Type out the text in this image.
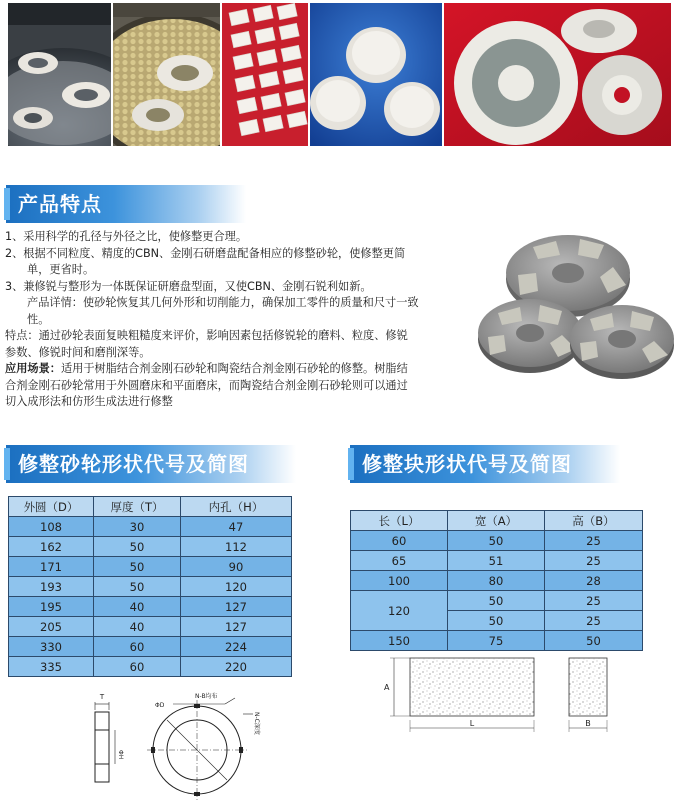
产品特点
1、采用科学的孔径与外径之比，使修整更合理。
2、根据不同粒度、精度的CBN、金刚石研磨盘配备相应的修整砂轮，使修整更简
单，更省时。
3、兼修锐与整形为一体既保证研磨盘型面，又使CBN、金刚石锐利如新。
产品详情：使砂轮恢复其几何外形和切削能力，确保加工零件的质量和尺寸一致
性。
特点：通过砂轮表面复映粗糙度来评价，影响因素包括修锐轮的磨料、粒度、修锐
参数、修锐时间和磨削深等。
应用场景：适用于树脂结合剂金刚石砂轮和陶瓷结合剂金刚石砂轮的修整。树脂结
合剂金刚石砂轮常用于外圆磨床和平面磨床，而陶瓷结合剂金刚石砂轮则可以通过
切入成形法和仿形生成法进行修整
修整砂轮形状代号及简图	修整块形状代号及简图
外圆（D）	厚度（T）	内孔（H）
108	30	47
162	50	112
171	50	90
193	50	120
195	40	127
205	40	127
330	60	224
335	60	220
长（L）	宽（A）	高（B）
60	50	25
65	51	25
100	80	28
120	50	25
	50	25
150	75	50
T
ΦH
ΦD
N-B均布
N-C深度
A
L	B
